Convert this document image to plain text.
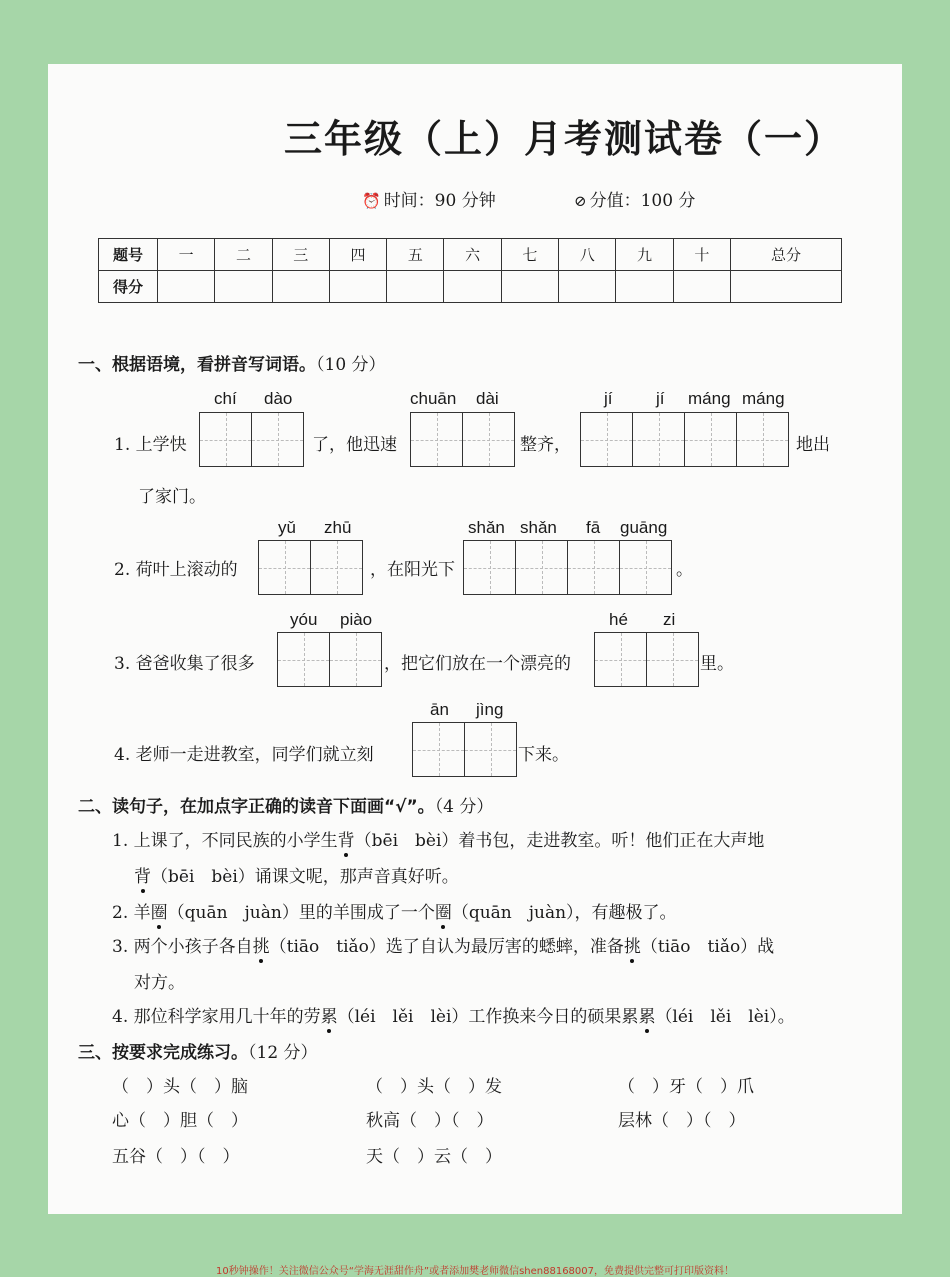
三年级（上）月考测试卷（一）
⏰ 时间：90 分钟	⊘ 分值：100 分
题号	一	二	三	四	五	六	七	八	九	十	总分
得分											
一、根据语境，看拼音写词语。（10 分）
chí dào	chuān dài	jí	jí máng máng
1. 上学快	了，他迅速	整齐，	地出
了家门。
yǔ zhū	shǎn shǎn fā guāng
2. 荷叶上滚动的	，在阳光下	。
yóu piào	hé zi
3. 爸爸收集了很多	，把它们放在一个漂亮的	里。
ān jìng
4. 老师一走进教室，同学们就立刻	下来。
二、读句子，在加点字正确的读音下面画“√”。（4 分）
1. 上课了，不同民族的小学生背（bēi　bèi）着书包，走进教室。听！他们正在大声地
背（bēi　bèi）诵课文呢，那声音真好听。
2. 羊圈（quān　juàn）里的羊围成了一个圈（quān　juàn），有趣极了。
3. 两个小孩子各自挑（tiāo　tiǎo）选了自认为最厉害的蟋蟀，准备挑（tiāo　tiǎo）战
对方。
4. 那位科学家用几十年的劳累（léi　lěi　lèi）工作换来今日的硕果累累（léi　lěi　lèi）。
三、按要求完成练习。（12 分）
（　）头（　）脑	（　）头（　）发	（　）牙（　）爪
心（　）胆（　）	秋高（　）（　）	层林（　）（　）
五谷（　）（　）	天（　）云（　）
10秒钟操作！关注微信公众号“学海无涯甜作舟”或者添加樊老师微信shen88168007，免费提供完整可打印版资料！
